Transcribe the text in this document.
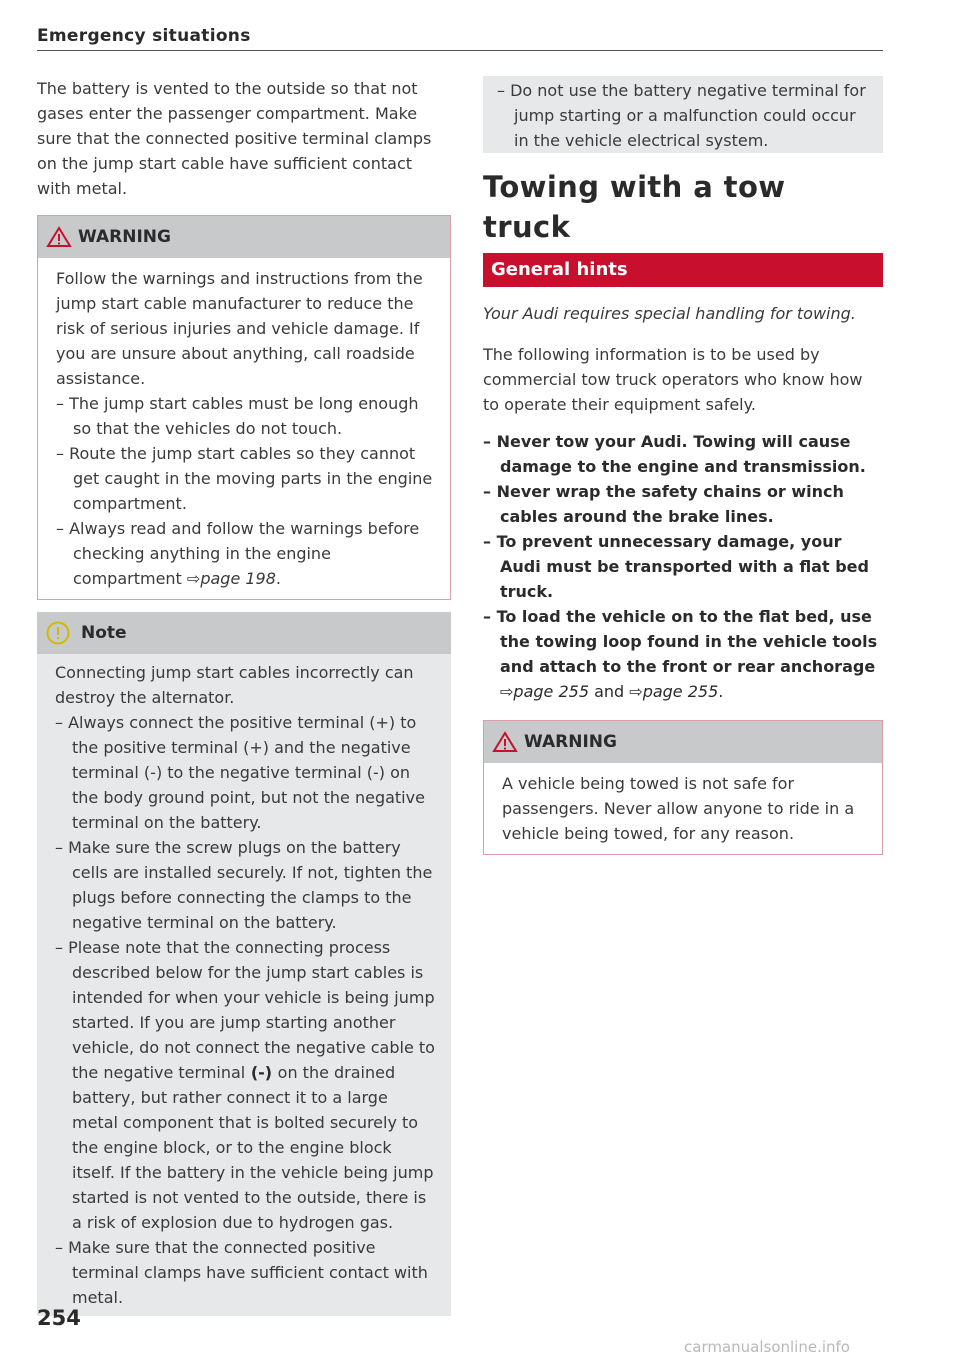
Emergency situations

The battery is vented to the outside so that not gases enter the passenger compartment. Make sure that the connected positive terminal clamps on the jump start cable have sufficient contact with metal.

WARNING

Follow the warnings and instructions from the jump start cable manufacturer to reduce the risk of serious injuries and vehicle damage. If you are unsure about anything, call roadside assistance.

– The jump start cables must be long enough so that the vehicles do not touch.
– Route the jump start cables so they cannot get caught in the moving parts in the engine compartment.
– Always read and follow the warnings before checking anything in the engine compartment ⇨page 198.
Note

Connecting jump start cables incorrectly can destroy the alternator.

– Always connect the positive terminal (+) to the positive terminal (+) and the negative terminal (-) to the negative terminal (-) on the body ground point, but not the negative terminal on the battery.
– Make sure the screw plugs on the battery cells are installed securely. If not, tighten the plugs before connecting the clamps to the negative terminal on the battery.
– Please note that the connecting process described below for the jump start cables is intended for when your vehicle is being jump started. If you are jump starting another vehicle, do not connect the negative cable to the negative terminal (-) on the drained battery, but rather connect it to a large metal component that is bolted securely to the engine block, or to the engine block itself. If the battery in the vehicle being jump started is not vented to the outside, there is a risk of explosion due to hydrogen gas.
– Make sure that the connected positive terminal clamps have sufficient contact with metal.
– Do not use the battery negative terminal for jump starting or a malfunction could occur in the vehicle electrical system.
Towing with a tow truck
General hints

Your Audi requires special handling for towing.

The following information is to be used by commercial tow truck operators who know how to operate their equipment safely.

– Never tow your Audi. Towing will cause damage to the engine and transmission.
– Never wrap the safety chains or winch cables around the brake lines.
– To prevent unnecessary damage, your Audi must be transported with a flat bed truck.
– To load the vehicle on to the flat bed, use the towing loop found in the vehicle tools and attach to the front or rear anchorage
⇨page 255 and ⇨page 255.
WARNING

A vehicle being towed is not safe for passengers. Never allow anyone to ride in a vehicle being towed, for any reason.

254
carmanualsonline.info
